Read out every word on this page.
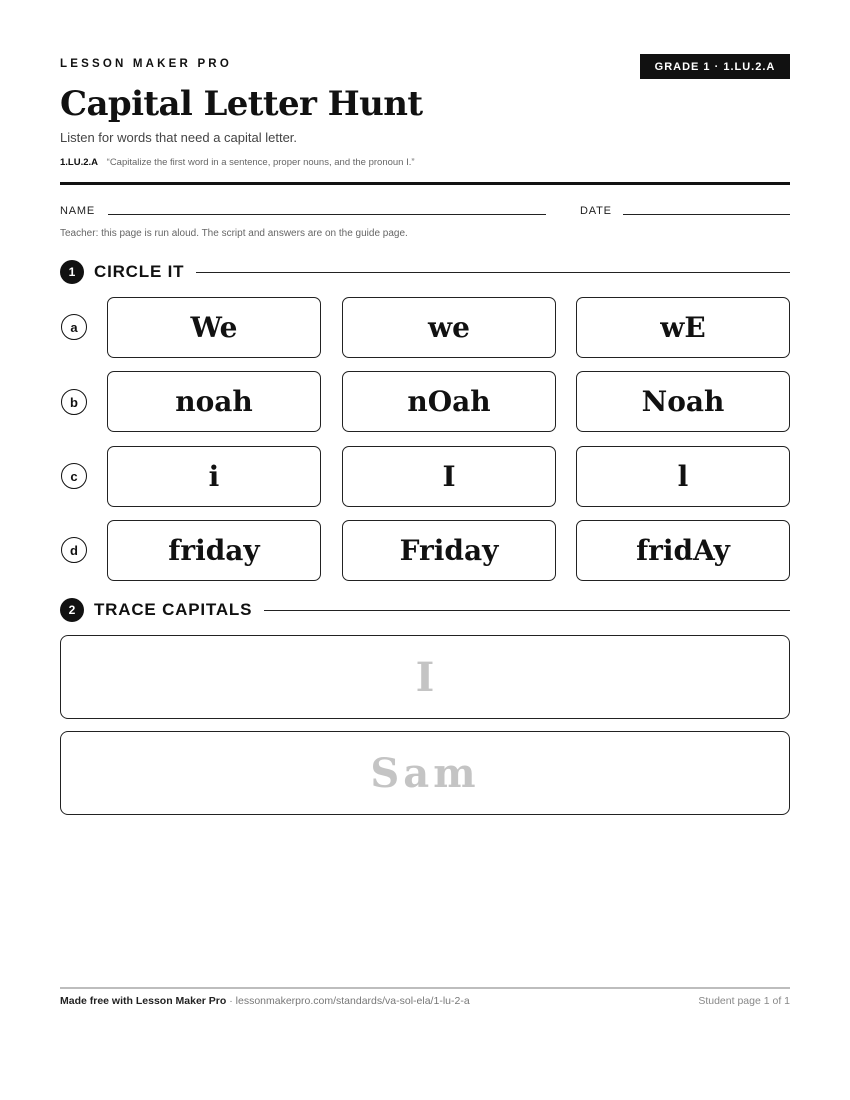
LESSON MAKER PRO	GRADE 1 · 1.LU.2.A
Capital Letter Hunt
Listen for words that need a capital letter.
1.LU.2.A “Capitalize the first word in a sentence, proper nouns, and the pronoun I.”
NAME	DATE
Teacher: this page is run aloud. The script and answers are on the guide page.
1	CIRCLE IT
a	We	we	wE
b	noah	nOah	Noah
c	i	I	l
d	friday	Friday	fridAy
2	TRACE CAPITALS
I
Sam
Made free with Lesson Maker Pro · lessonmakerpro.com/standards/va-sol-ela/1-lu-2-a	Student page 1 of 1
